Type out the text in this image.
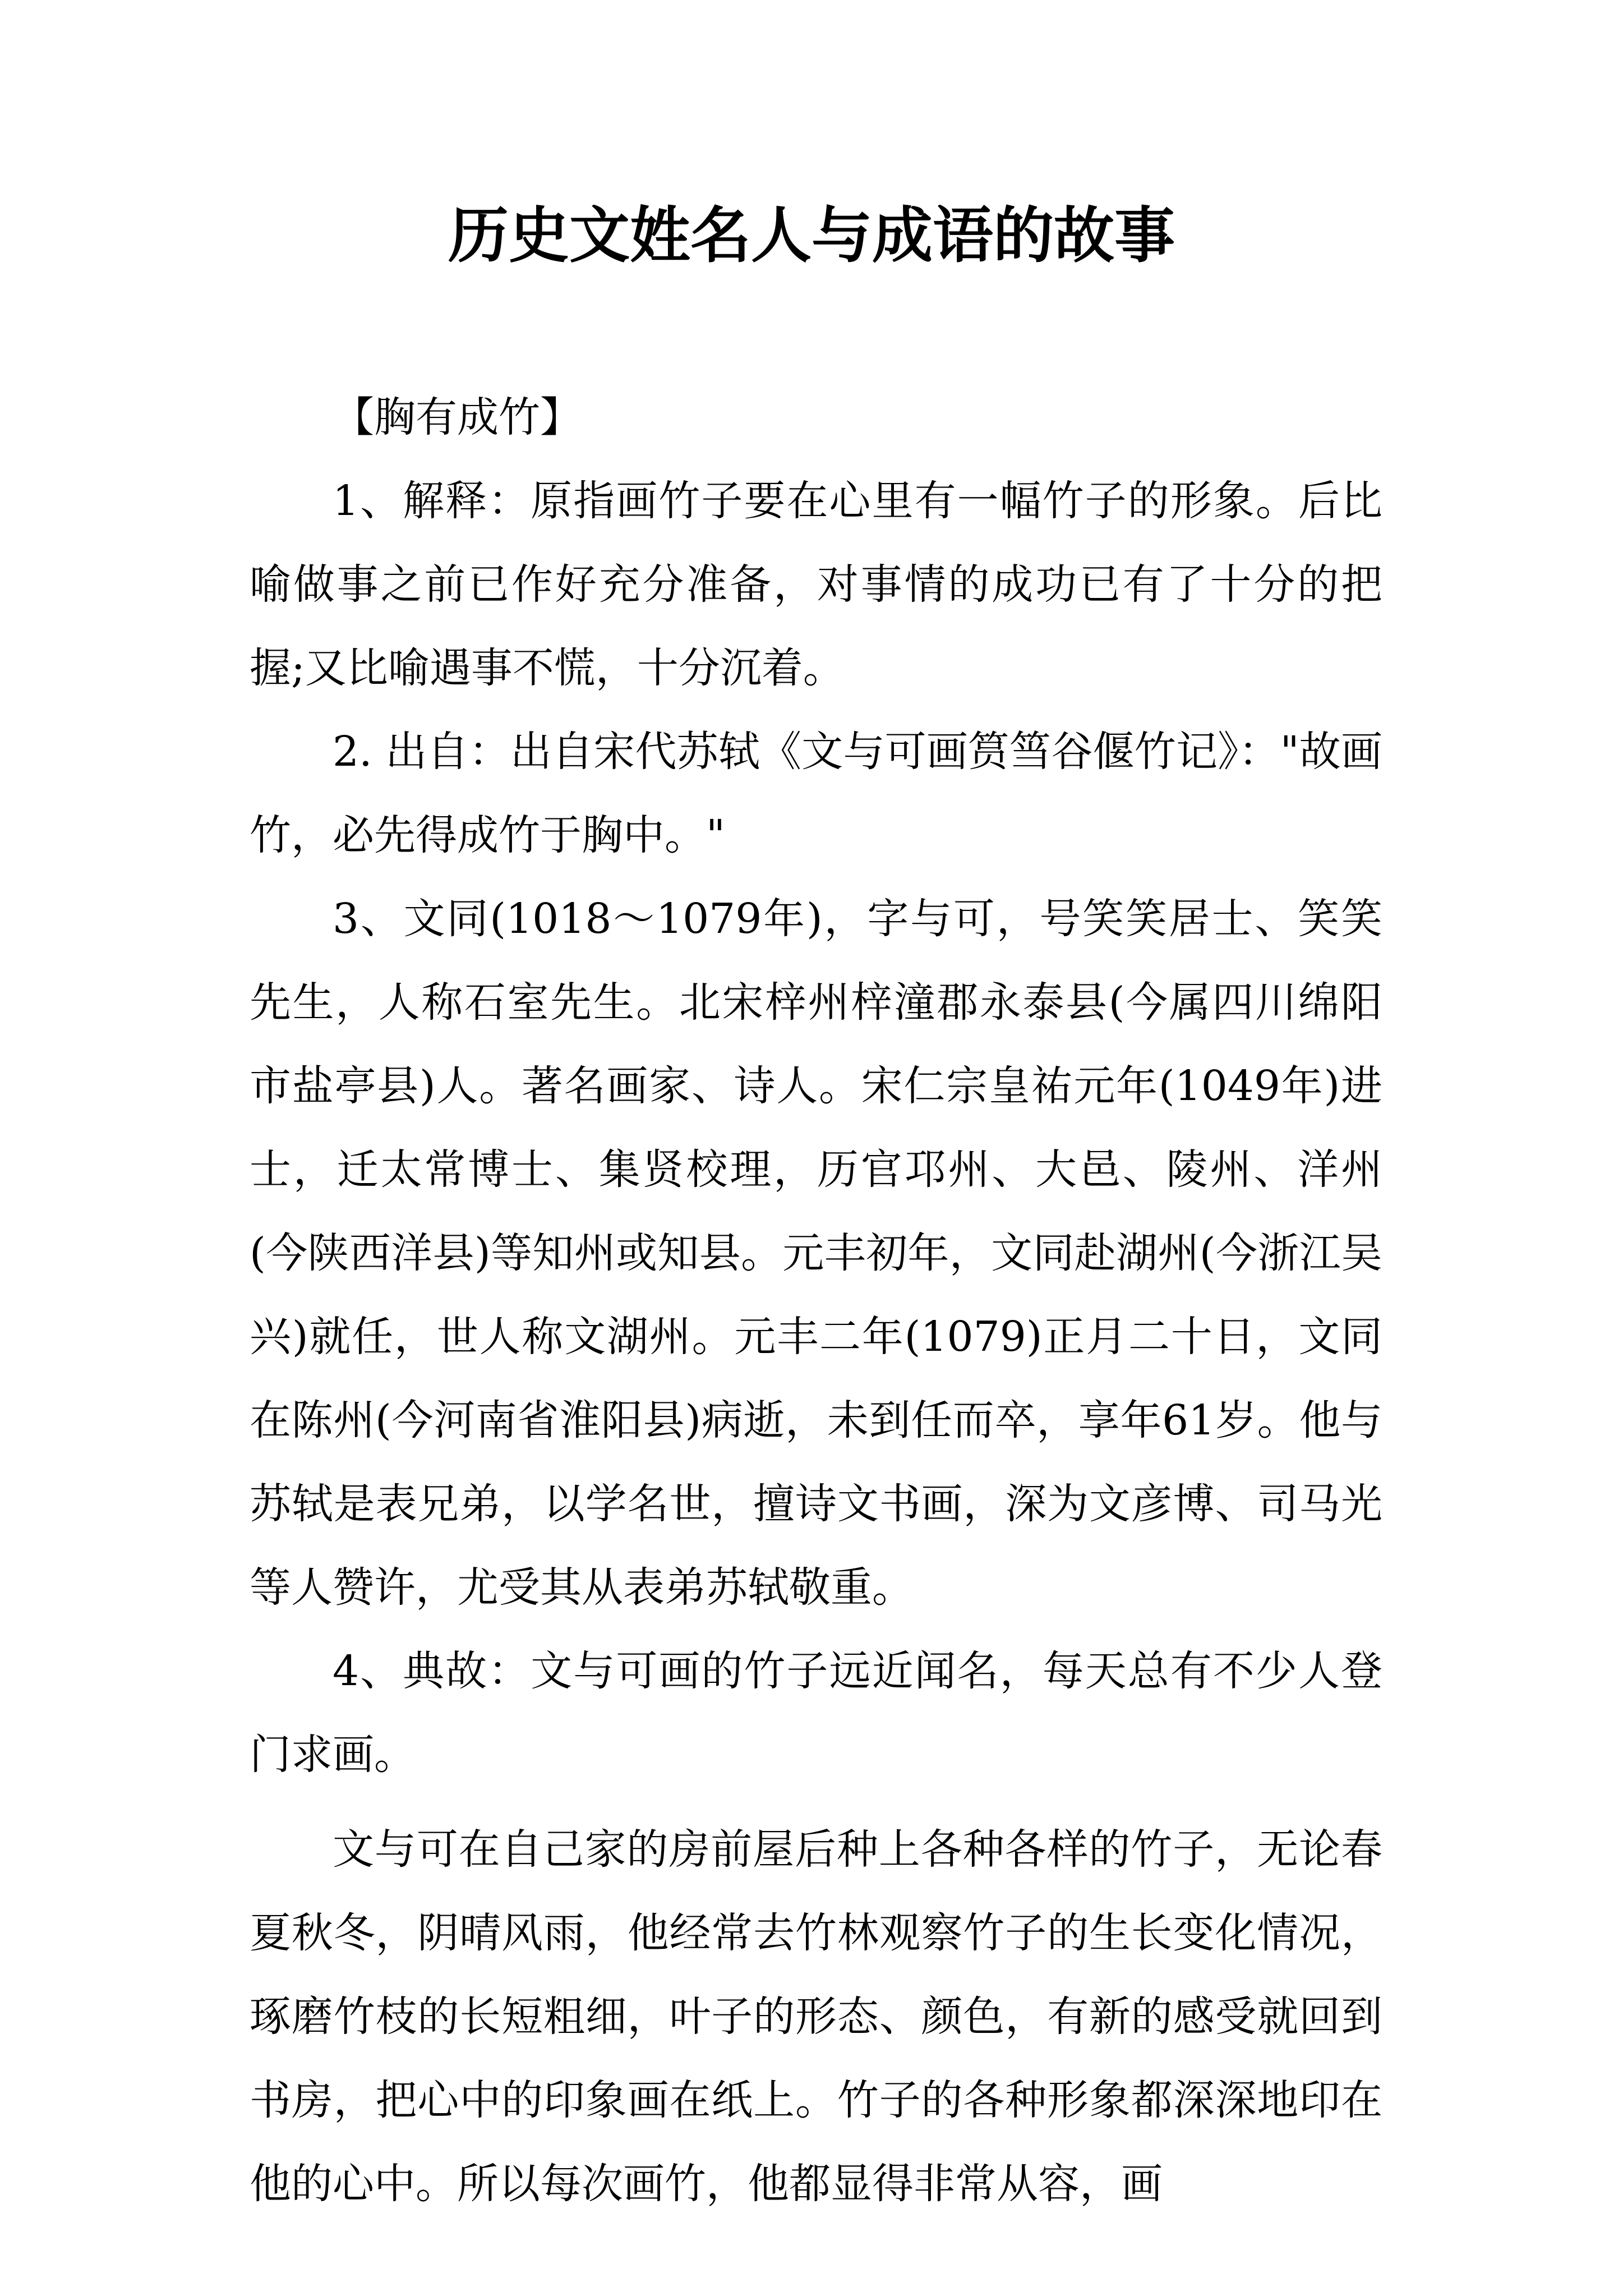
历史文姓名人与成语的故事

【胸有成竹】

1、解释：原指画竹子要在心里有一幅竹子的形象。后比喻做事之前已作好充分准备，对事情的成功已有了十分的把握;又比喻遇事不慌，十分沉着。

2. 出自：出自宋代苏轼《文与可画筼筜谷偃竹记》："故画竹，必先得成竹于胸中。"

3、文同(1018～1079年)，字与可，号笑笑居士、笑笑先生，人称石室先生。北宋梓州梓潼郡永泰县(今属四川绵阳市盐亭县)人。著名画家、诗人。宋仁宗皇祐元年(1049年)进士，迁太常博士、集贤校理，历官邛州、大邑、陵州、洋州(今陕西洋县)等知州或知县。元丰初年，文同赴湖州(今浙江吴兴)就任，世人称文湖州。元丰二年(1079)正月二十日，文同在陈州(今河南省淮阳县)病逝，未到任而卒，享年61岁。他与苏轼是表兄弟，以学名世，擅诗文书画，深为文彦博、司马光等人赞许，尤受其从表弟苏轼敬重。

4、典故：文与可画的竹子远近闻名，每天总有不少人登门求画。

文与可在自己家的房前屋后种上各种各样的竹子，无论春夏秋冬，阴晴风雨，他经常去竹林观察竹子的生长变化情况，琢磨竹枝的长短粗细，叶子的形态、颜色，有新的感受就回到书房，把心中的印象画在纸上。竹子的各种形象都深深地印在他的心中。所以每次画竹，他都显得非常从容，画
